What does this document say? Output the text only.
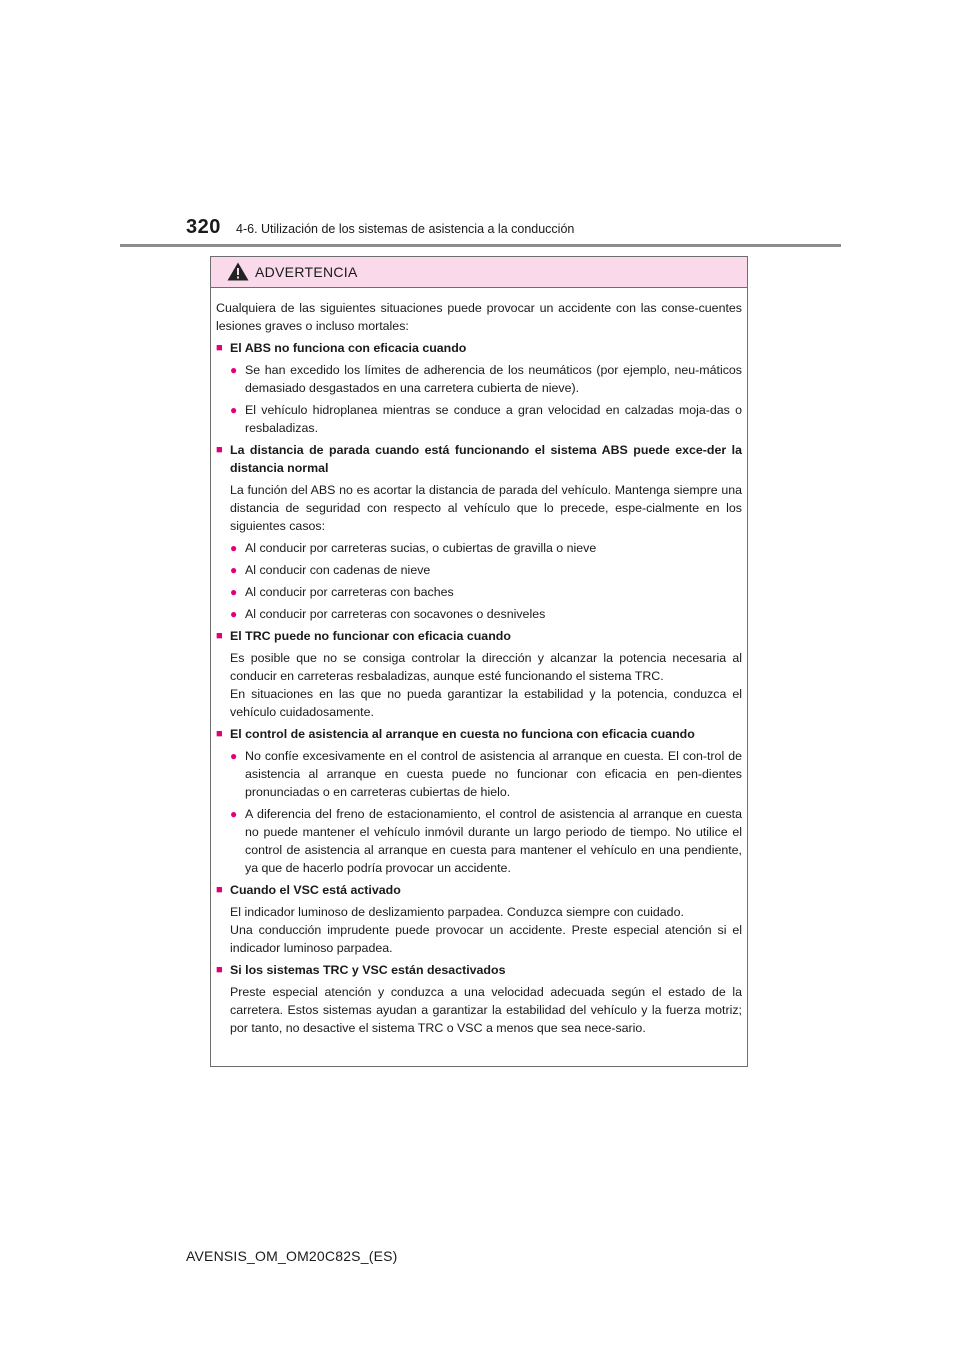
320 4-6. Utilización de los sistemas de asistencia a la conducción
ADVERTENCIA

Cualquiera de las siguientes situaciones puede provocar un accidente con las conse-cuentes lesiones graves o incluso mortales:

■ El ABS no funciona con eficacia cuando
● Se han excedido los límites de adherencia de los neumáticos (por ejemplo, neu-máticos demasiado desgastados en una carretera cubierta de nieve).
● El vehículo hidroplanea mientras se conduce a gran velocidad en calzadas moja-das o resbaladizas.
■ La distancia de parada cuando está funcionando el sistema ABS puede exce-der la distancia normal

La función del ABS no es acortar la distancia de parada del vehículo. Mantenga siempre una distancia de seguridad con respecto al vehículo que lo precede, espe-cialmente en los siguientes casos:

● Al conducir por carreteras sucias, o cubiertas de gravilla o nieve
● Al conducir con cadenas de nieve
● Al conducir por carreteras con baches
● Al conducir por carreteras con socavones o desniveles
■ El TRC puede no funcionar con eficacia cuando

Es posible que no se consiga controlar la dirección y alcanzar la potencia necesaria al conducir en carreteras resbaladizas, aunque esté funcionando el sistema TRC.

En situaciones en las que no pueda garantizar la estabilidad y la potencia, conduzca el vehículo cuidadosamente.

■ El control de asistencia al arranque en cuesta no funciona con eficacia cuando
● No confíe excesivamente en el control de asistencia al arranque en cuesta. El con-trol de asistencia al arranque en cuesta puede no funcionar con eficacia en pen-dientes pronunciadas o en carreteras cubiertas de hielo.
● A diferencia del freno de estacionamiento, el control de asistencia al arranque en cuesta no puede mantener el vehículo inmóvil durante un largo periodo de tiempo. No utilice el control de asistencia al arranque en cuesta para mantener el vehículo en una pendiente, ya que de hacerlo podría provocar un accidente.
■ Cuando el VSC está activado

El indicador luminoso de deslizamiento parpadea. Conduzca siempre con cuidado.

Una conducción imprudente puede provocar un accidente. Preste especial atención si el indicador luminoso parpadea.

■ Si los sistemas TRC y VSC están desactivados

Preste especial atención y conduzca a una velocidad adecuada según el estado de la carretera. Estos sistemas ayudan a garantizar la estabilidad del vehículo y la fuerza motriz; por tanto, no desactive el sistema TRC o VSC a menos que sea nece-sario.

AVENSIS_OM_OM20C82S_(ES)
